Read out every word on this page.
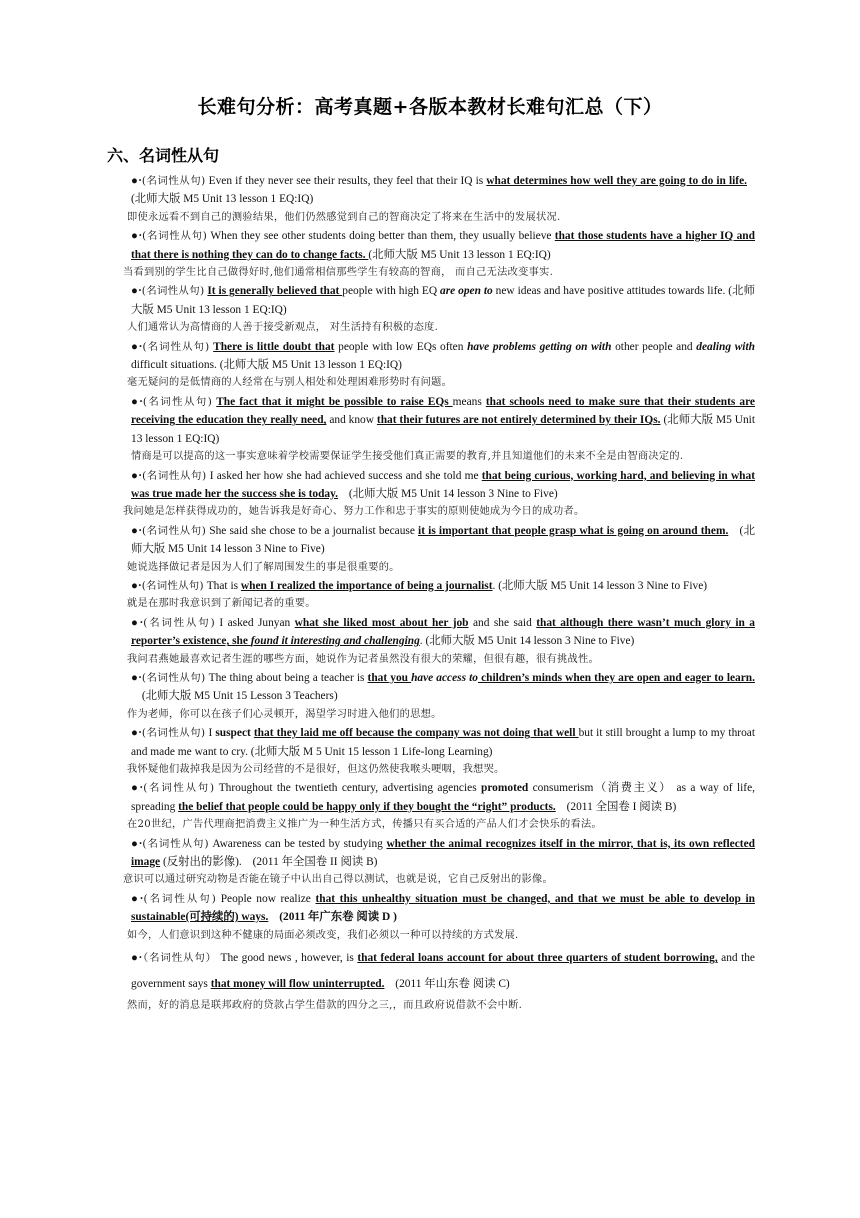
长难句分析：高考真题+各版本教材长难句汇总（下）
六、名词性从句

●·(名词性从句) Even if they never see their results, they feel that their IQ is what determines how well they are going to do in life. (北师大版 M5 Unit 13 lesson 1 EQ:IQ)

即使永远看不到自己的测验结果，他们仍然感觉到自己的智商决定了将来在生活中的发展状况.

●·(名词性从句) When they see other students doing better than them, they usually believe that those students have a higher IQ and that there is nothing they can do to change facts. (北师大版 M5 Unit 13 lesson 1 EQ:IQ)

当看到别的学生比自己做得好时,他们通常相信那些学生有较高的智商， 而自己无法改变事实.

●·(名词性从句) It is generally believed that people with high EQ are open to new ideas and have positive attitudes towards life. (北师大版 M5 Unit 13 lesson 1 EQ:IQ)

人们通常认为高情商的人善于接受新观点， 对生活持有积极的态度.

●·(名词性从句) There is little doubt that people with low EQs often have problems getting on with other people and dealing with difficult situations. (北师大版 M5 Unit 13 lesson 1 EQ:IQ)

毫无疑问的是低情商的人经常在与别人相处和处理困难形势时有问题。

●·(名词性从句) The fact that it might be possible to raise EQs means that schools need to make sure that their students are receiving the education they really need, and know that their futures are not entirely determined by their IQs. (北师大版 M5 Unit 13 lesson 1 EQ:IQ)

情商是可以提高的这一事实意味着学校需要保证学生接受他们真正需要的教育,并且知道他们的未来不全是由智商决定的.

●·(名词性从句) I asked her how she had achieved success and she told me that being curious, working hard, and believing in what was true made her the success she is today. (北师大版 M5 Unit 14 lesson 3 Nine to Five)

我问她是怎样获得成功的，她告诉我是好奇心、努力工作和忠于事实的原则使她成为今日的成功者。

●·(名词性从句) She said she chose to be a journalist because it is important that people grasp what is going on around them. (北师大版 M5 Unit 14 lesson 3 Nine to Five)

她说选择做记者是因为人们了解周围发生的事是很重要的。

●·(名词性从句) That is when I realized the importance of being a journalist. (北师大版 M5 Unit 14 lesson 3 Nine to Five)

就是在那时我意识到了新闻记者的重要。

●·(名词性从句) I asked Junyan what she liked most about her job and she said that although there wasn’t much glory in a reporter’s existence, she found it interesting and challenging. (北师大版 M5 Unit 14 lesson 3 Nine to Five)

我问君燕她最喜欢记者生涯的哪些方面，她说作为记者虽然没有很大的荣耀，但很有趣，很有挑战性。

●·(名词性从句) The thing about being a teacher is that you have access to children’s minds when they are open and eager to learn. (北师大版 M5 Unit 15 Lesson 3 Teachers)

作为老师，你可以在孩子们心灵顿开，渴望学习时进入他们的思想。

●·(名词性从句) I suspect that they laid me off because the company was not doing that well but it still brought a lump to my throat and made me want to cry. (北师大版 M 5 Unit 15 lesson 1 Life-long Learning)

我怀疑他们裁掉我是因为公司经营的不是很好，但这仍然使我喉头哽咽，我想哭。

●·(名词性从句) Throughout the twentieth century, advertising agencies promoted consumerism（消费主义） as a way of life, spreading the belief that people could be happy only if they bought the “right” products. (2011 全国卷 I 阅读 B)

在20世纪，广告代理商把消费主义推广为一种生活方式，传播只有买合适的产品人们才会快乐的看法。

●·(名词性从句) Awareness can be tested by studying whether the animal recognizes itself in the mirror, that is, its own reflected image (反射出的影像). (2011 年全国卷 II 阅读 B)

意识可以通过研究动物是否能在镜子中认出自己得以测试，也就是说，它自己反射出的影像。

●·(名词性从句) People now realize that this unhealthy situation must be changed, and that we must be able to develop in sustainable(可持续的) ways. (2011 年广东卷 阅读 D )

如今，人们意识到这种不健康的局面必须改变，我们必须以一种可以持续的方式发展.

●·（名词性从句） The good news , however, is that federal loans account for about three quarters of student borrowing, and the government says that money will flow uninterrupted. (2011 年山东卷 阅读 C)

然而，好的消息是联邦政府的贷款占学生借款的四分之三,，而且政府说借款不会中断.
